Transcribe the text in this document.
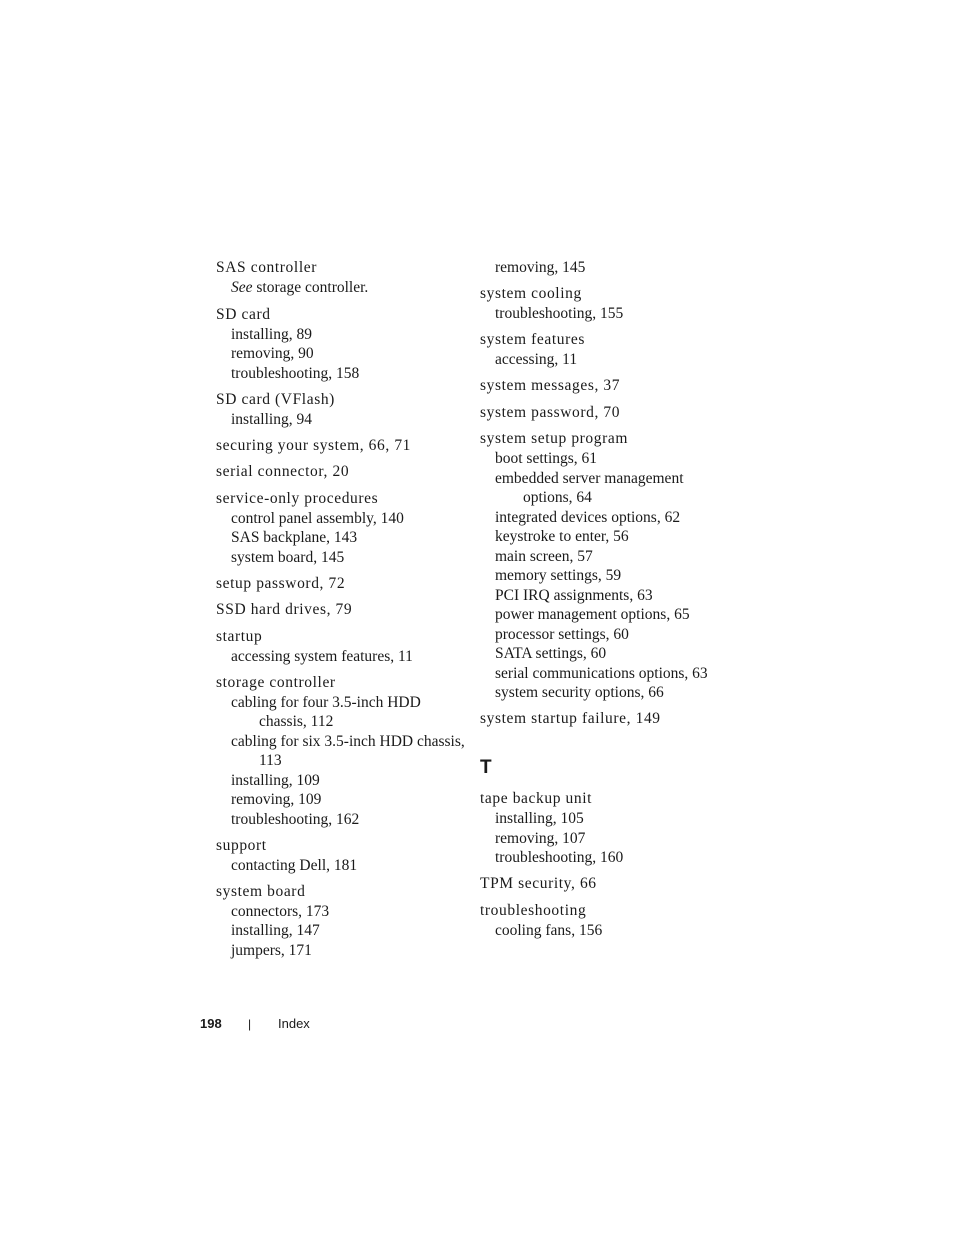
SAS controller
See storage controller.
SD card
installing, 89
removing, 90
troubleshooting, 158
SD card (VFlash)
installing, 94
securing your system, 66, 71
serial connector, 20
service-only procedures
control panel assembly, 140
SAS backplane, 143
system board, 145
setup password, 72
SSD hard drives, 79
startup
accessing system features, 11
storage controller
cabling for four 3.5-inch HDD chassis, 112
cabling for six 3.5-inch HDD chassis, 113
installing, 109
removing, 109
troubleshooting, 162
support
contacting Dell, 181
system board
connectors, 173
installing, 147
jumpers, 171
removing, 145
system cooling
troubleshooting, 155
system features
accessing, 11
system messages, 37
system password, 70
system setup program
boot settings, 61
embedded server management options, 64
integrated devices options, 62
keystroke to enter, 56
main screen, 57
memory settings, 59
PCI IRQ assignments, 63
power management options, 65
processor settings, 60
SATA settings, 60
serial communications options, 63
system security options, 66
system startup failure, 149
T
tape backup unit
installing, 105
removing, 107
troubleshooting, 160
TPM security, 66
troubleshooting
cooling fans, 156
198 | Index
